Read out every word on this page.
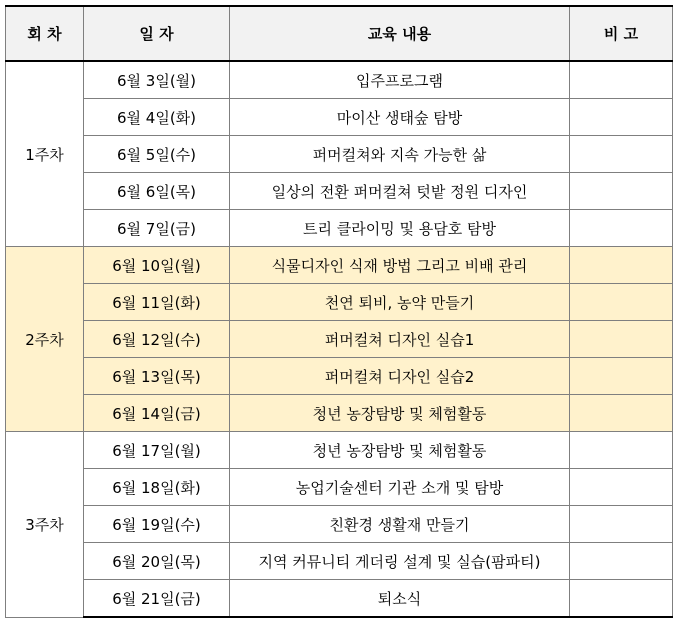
회 차	일 자	교육 내용	비 고
1주차	6월 3일(월)	입주프로그램	
	6월 4일(화)	마이산 생태숲 탐방	
	6월 5일(수)	퍼머컬쳐와 지속 가능한 삶	
	6월 6일(목)	일상의 전환 퍼머컬쳐 텃밭 정원 디자인	
	6월 7일(금)	트리 클라이밍 및 용담호 탐방	
2주차	6월 10일(월)	식물디자인 식재 방법 그리고 비배 관리	
	6월 11일(화)	천연 퇴비, 농약 만들기	
	6월 12일(수)	퍼머컬쳐 디자인 실습1	
	6월 13일(목)	퍼머컬쳐 디자인 실습2	
	6월 14일(금)	청년 농장탐방 및 체험활동	
3주차	6월 17일(월)	청년 농장탐방 및 체험활동	
	6월 18일(화)	농업기술센터 기관 소개 및 탐방	
	6월 19일(수)	친환경 생활재 만들기	
	6월 20일(목)	지역 커뮤니티 게더링 설계 및 실습(팜파티)	
	6월 21일(금)	퇴소식	
